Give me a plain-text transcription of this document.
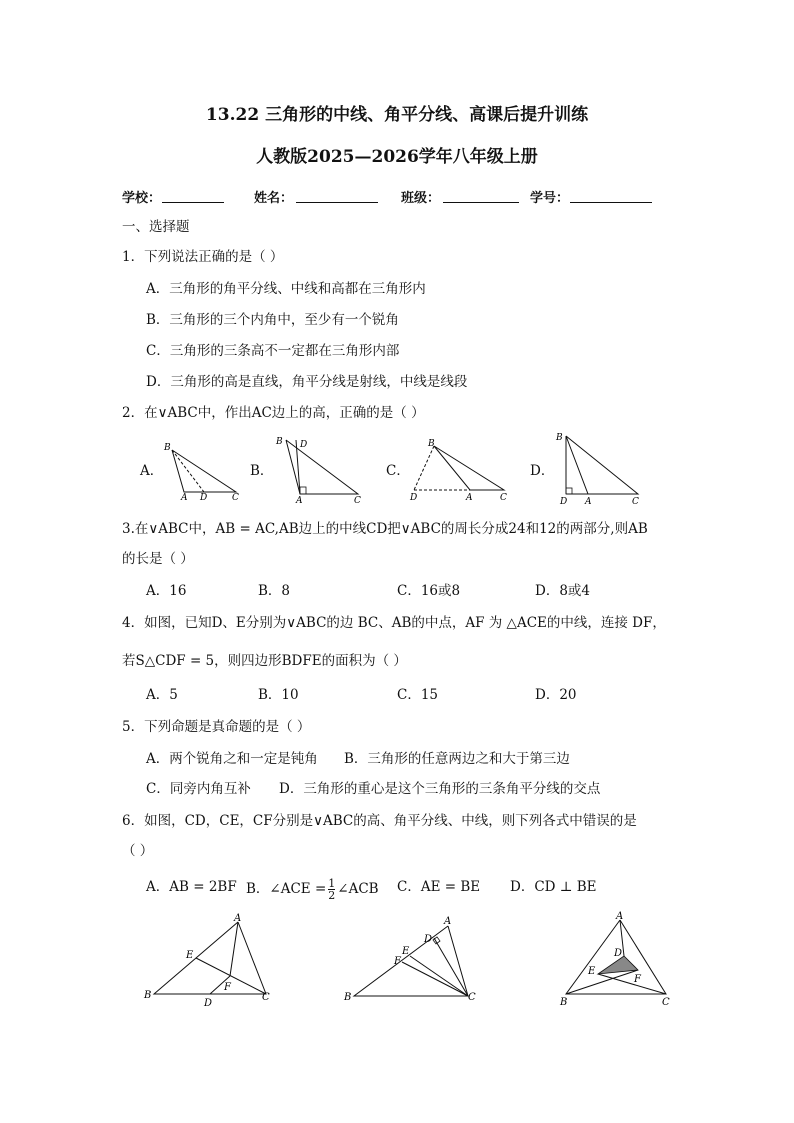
13.22 三角形的中线、角平分线、高课后提升训练
人教版2025—2026学年八年级上册
学校：	姓名：	班级：	学号：
一、选择题
1．下列说法正确的是（ ）
A．三角形的角平分线、中线和高都在三角形内
B．三角形的三个内角中，至少有一个锐角
C．三角形的三条高不一定都在三角形内部
D．三角形的高是直线，角平分线是射线，中线是线段
2．在∨ABC中，作出AC边上的高，正确的是（ ）
A．	B．	C．	D．
B
A D	C
B D
A	C
B
D	A	C
B
D A	C
3.在∨ABC中，AB = AC,AB边上的中线CD把∨ABC的周长分成24和12的两部分,则AB
的长是（ ）
A．16	B．8	C．16或8	D．8或4
4．如图，已知D、E分别为∨ABC的边 BC、AB的中点，AF 为 △ACE的中线，连接 DF，
若S△CDF = 5，则四边形BDFE的面积为（ ）
A．5	B．10	C．15	D．20
5．下列命题是真命题的是（ ）
A．两个锐角之和一定是钝角 B．三角形的任意两边之和大于第三边
C．同旁内角互补 D．三角形的重心是这个三角形的三条角平分线的交点
6．如图，CD，CE，CF分别是∨ABC的高、角平分线、中线，则下列各式中错误的是
（ ）
A．AB = 2BF B．∠ACE = $\frac{1}{2}$ ∠ACB C．AE = BE D．CD ⊥ BE
A
E
F
B
D
C
A
D
E
F
B	C
A
D
E
F
B	C
